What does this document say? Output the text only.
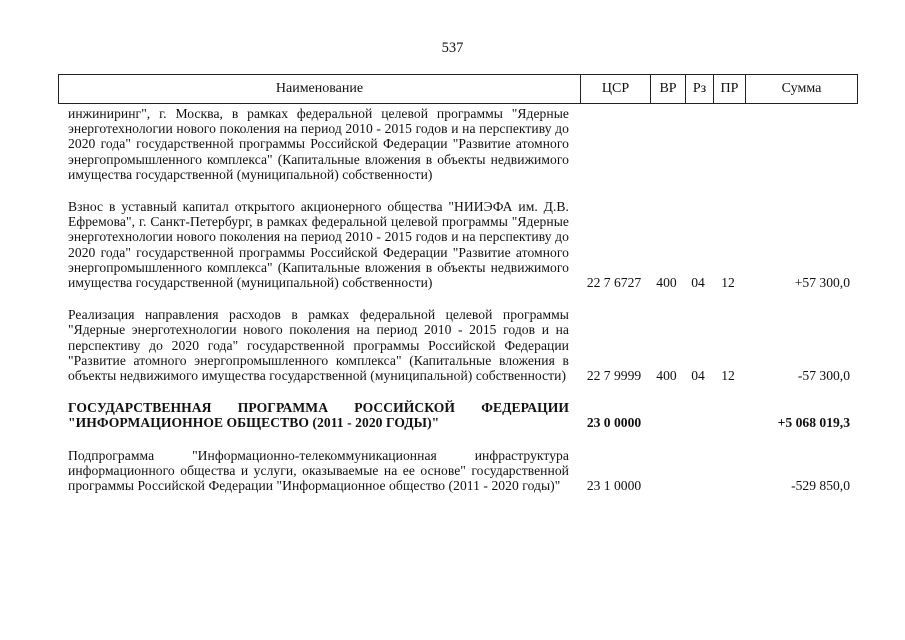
537
Наименование	ЦСР	ВР	Рз	ПР	Сумма
инжиниринг", г. Москва, в рамках федеральной целевой программы "Ядерные энерготехнологии нового поколения на период 2010 - 2015 годов и на перспективу до 2020 года" государственной программы Российской Федерации "Развитие атомного энергопромышленного комплекса" (Капитальные вложения в объекты недвижимого имущества государственной (муниципальной) собственности)
Взнос в уставный капитал открытого акционерного общества "НИИЭФА им. Д.В. Ефремова", г. Санкт-Петербург, в рамках федеральной целевой программы "Ядерные энерготехнологии нового поколения на период 2010 - 2015 годов и на перспективу до 2020 года" государственной программы Российской Федерации "Развитие атомного энергопромышленного комплекса" (Капитальные вложения в объекты недвижимого имущества государственной (муниципальной) собственности)	22 7 6727	400	04	12	+57 300,0
Реализация направления расходов в рамках федеральной целевой программы "Ядерные энерготехнологии нового поколения на период 2010 - 2015 годов и на перспективу до 2020 года" государственной программы Российской Федерации "Развитие атомного энергопромышленного комплекса" (Капитальные вложения в объекты недвижимого имущества государственной (муниципальной) собственности)	22 7 9999	400	04	12	-57 300,0
ГОСУДАРСТВЕННАЯ ПРОГРАММА РОССИЙСКОЙ ФЕДЕРАЦИИ "ИНФОРМАЦИОННОЕ ОБЩЕСТВО (2011 - 2020 ГОДЫ)"	23 0 0000	+5 068 019,3
Подпрограмма "Информационно-телекоммуникационная инфраструктура информационного общества и услуги, оказываемые на ее основе" государственной программы Российской Федерации "Информационное общество (2011 - 2020 годы)"	23 1 0000	-529 850,0
